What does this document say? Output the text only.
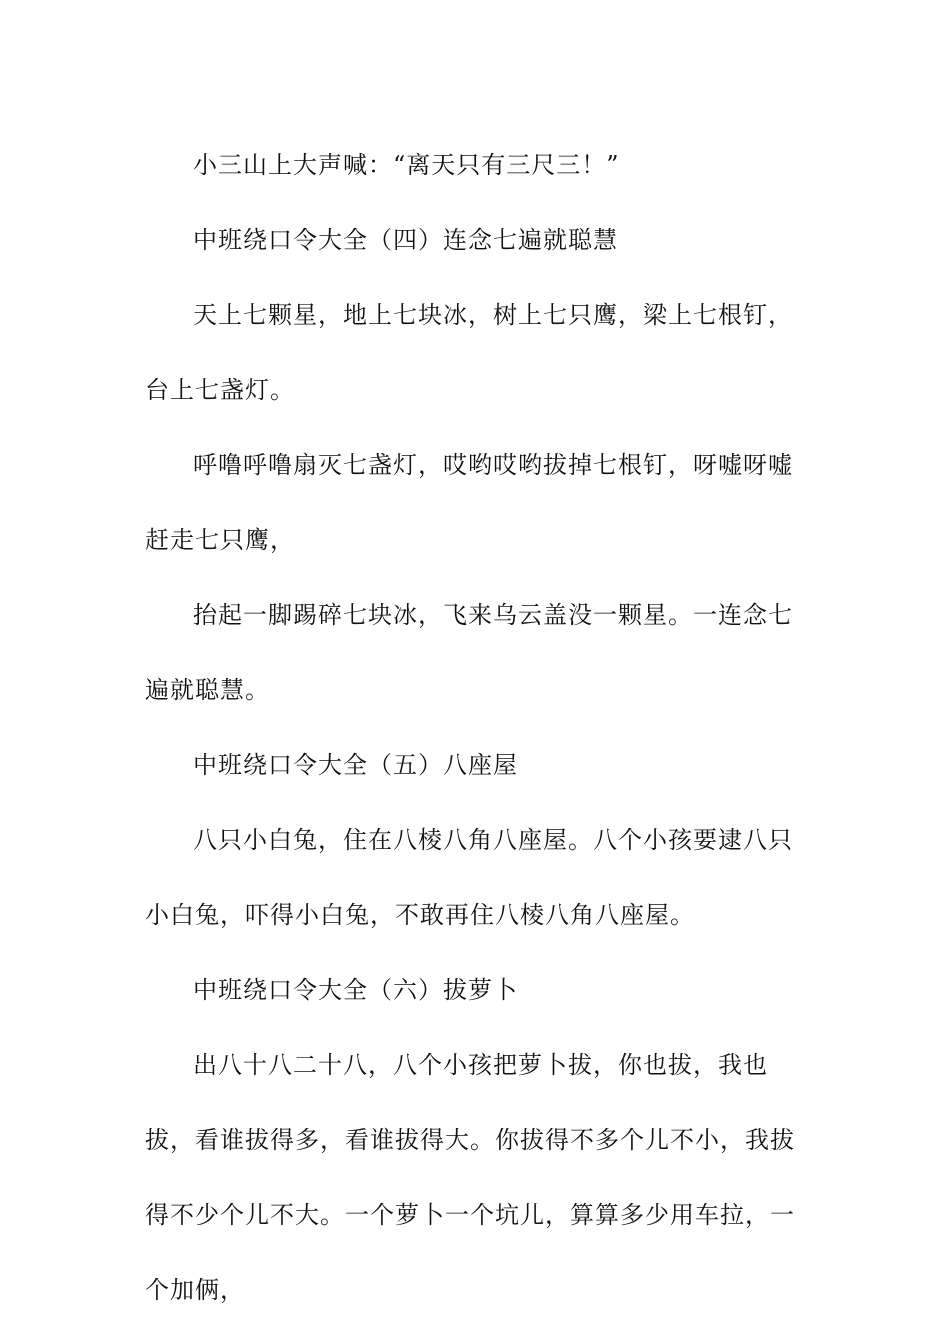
小三山上大声喊：“离天只有三尺三！”

中班绕口令大全（四）连念七遍就聪慧

天上七颗星，地上七块冰，树上七只鹰，梁上七根钉，台上七盏灯。

呼噜呼噜扇灭七盏灯，哎哟哎哟拔掉七根钉，呀嘘呀嘘赶走七只鹰，

抬起一脚踢碎七块冰，飞来乌云盖没一颗星。一连念七遍就聪慧。

中班绕口令大全（五）八座屋

八只小白兔，住在八棱八角八座屋。八个小孩要逮八只小白兔，吓得小白兔，不敢再住八棱八角八座屋。

中班绕口令大全（六）拔萝卜

出八十八二十八，八个小孩把萝卜拔，你也拔，我也拔，看谁拔得多，看谁拔得大。你拔得不多个儿不小，我拔得不少个儿不大。一个萝卜一个坑儿，算算多少用车拉，一个加俩，
